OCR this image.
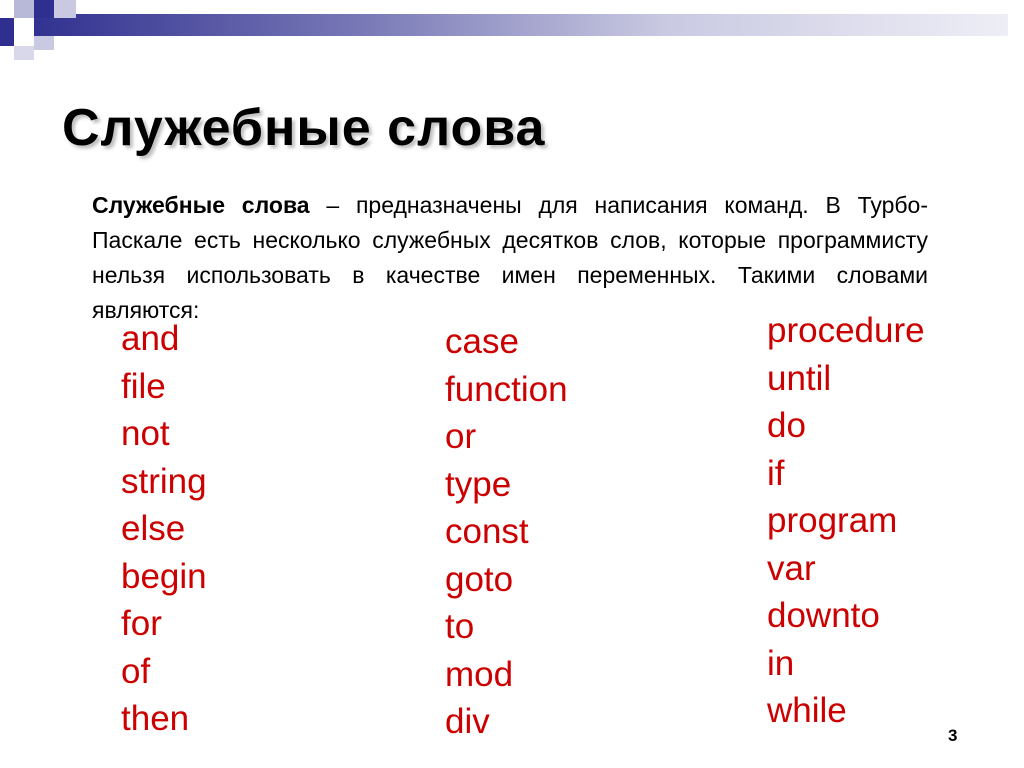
Служебные слова

Служебные слова – предназначены для написания команд. В Турбо-Паскале есть несколько служебных десятков слов, которые программисту нельзя использовать в качестве имен переменных. Такими словами являются:

and
file
not
string
else
begin
for
of
then
case
function
or
type
const
goto
to
mod
div
procedure
until
do
if
program
var
downto
in
while
3
